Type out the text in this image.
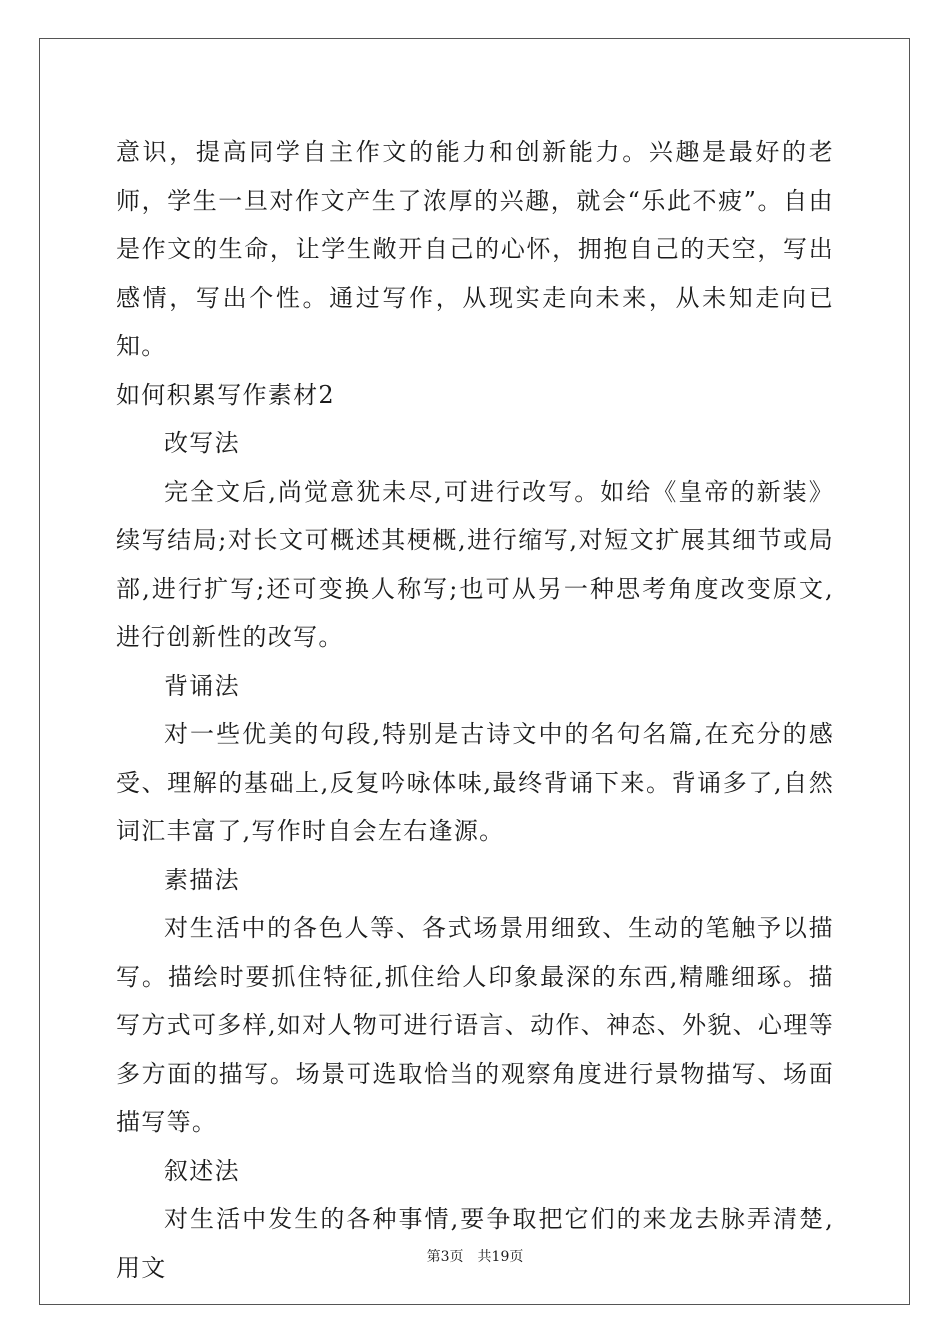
意识，提高同学自主作文的能力和创新能力。兴趣是最好的老师，学生一旦对作文产生了浓厚的兴趣，就会“乐此不疲”。自由是作文的生命，让学生敞开自己的心怀，拥抱自己的天空，写出感情，写出个性。通过写作，从现实走向未来，从未知走向已知。

如何积累写作素材2

改写法

完全文后,尚觉意犹未尽,可进行改写。如给《皇帝的新装》续写结局;对长文可概述其梗概,进行缩写,对短文扩展其细节或局部,进行扩写;还可变换人称写;也可从另一种思考角度改变原文,进行创新性的改写。

背诵法

对一些优美的句段,特别是古诗文中的名句名篇,在充分的感受、理解的基础上,反复吟咏体味,最终背诵下来。背诵多了,自然词汇丰富了,写作时自会左右逢源。

素描法

对生活中的各色人等、各式场景用细致、生动的笔触予以描写。描绘时要抓住特征,抓住给人印象最深的东西,精雕细琢。描写方式可多样,如对人物可进行语言、动作、神态、外貌、心理等多方面的描写。场景可选取恰当的观察角度进行景物描写、场面描写等。

叙述法

对生活中发生的各种事情,要争取把它们的来龙去脉弄清楚,用文	第3页 共19页
